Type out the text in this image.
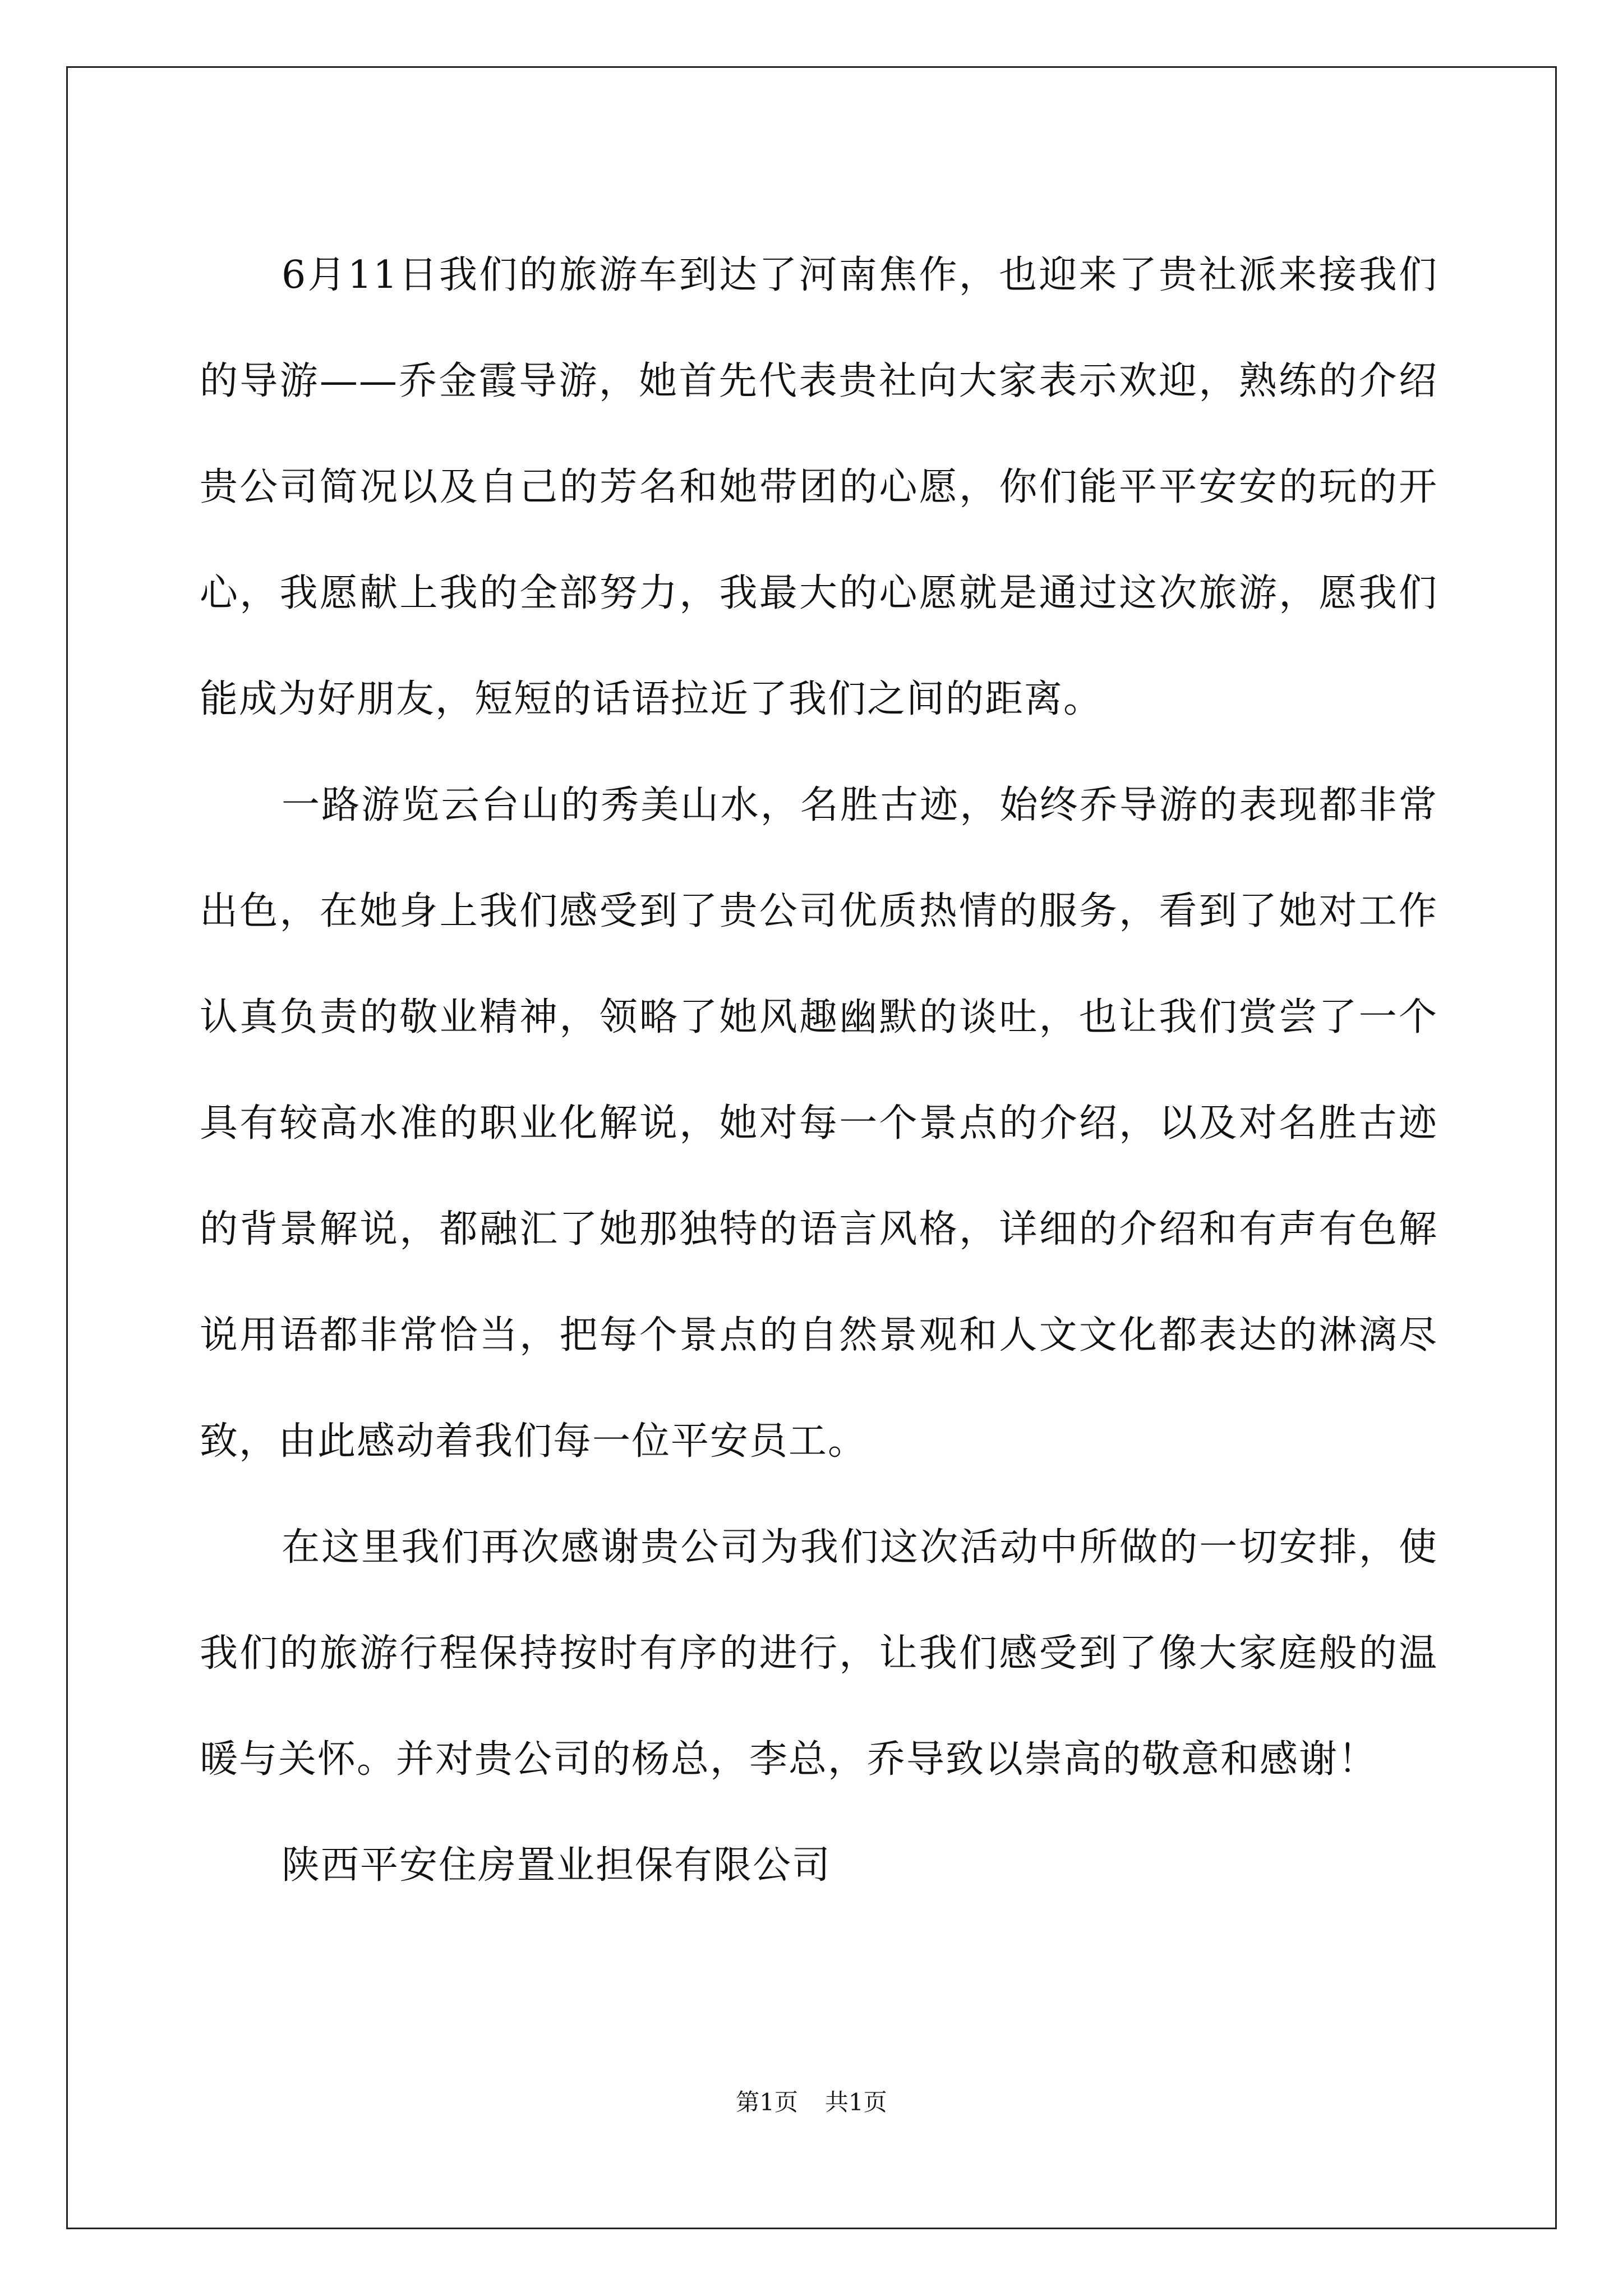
6月11日我们的旅游车到达了河南焦作，也迎来了贵社派来接我们的导游——乔金霞导游，她首先代表贵社向大家表示欢迎，熟练的介绍贵公司简况以及自己的芳名和她带团的心愿，你们能平平安安的玩的开心，我愿献上我的全部努力，我最大的心愿就是通过这次旅游，愿我们能成为好朋友，短短的话语拉近了我们之间的距离。

一路游览云台山的秀美山水，名胜古迹，始终乔导游的表现都非常出色，在她身上我们感受到了贵公司优质热情的服务，看到了她对工作认真负责的敬业精神，领略了她风趣幽默的谈吐，也让我们赏尝了一个具有较高水准的职业化解说，她对每一个景点的介绍，以及对名胜古迹的背景解说，都融汇了她那独特的语言风格，详细的介绍和有声有色解说用语都非常恰当，把每个景点的自然景观和人文文化都表达的淋漓尽致，由此感动着我们每一位平安员工。

在这里我们再次感谢贵公司为我们这次活动中所做的一切安排，使我们的旅游行程保持按时有序的进行，让我们感受到了像大家庭般的温暖与关怀。并对贵公司的杨总，李总，乔导致以崇高的敬意和感谢！

陕西平安住房置业担保有限公司

第1页 共1页
